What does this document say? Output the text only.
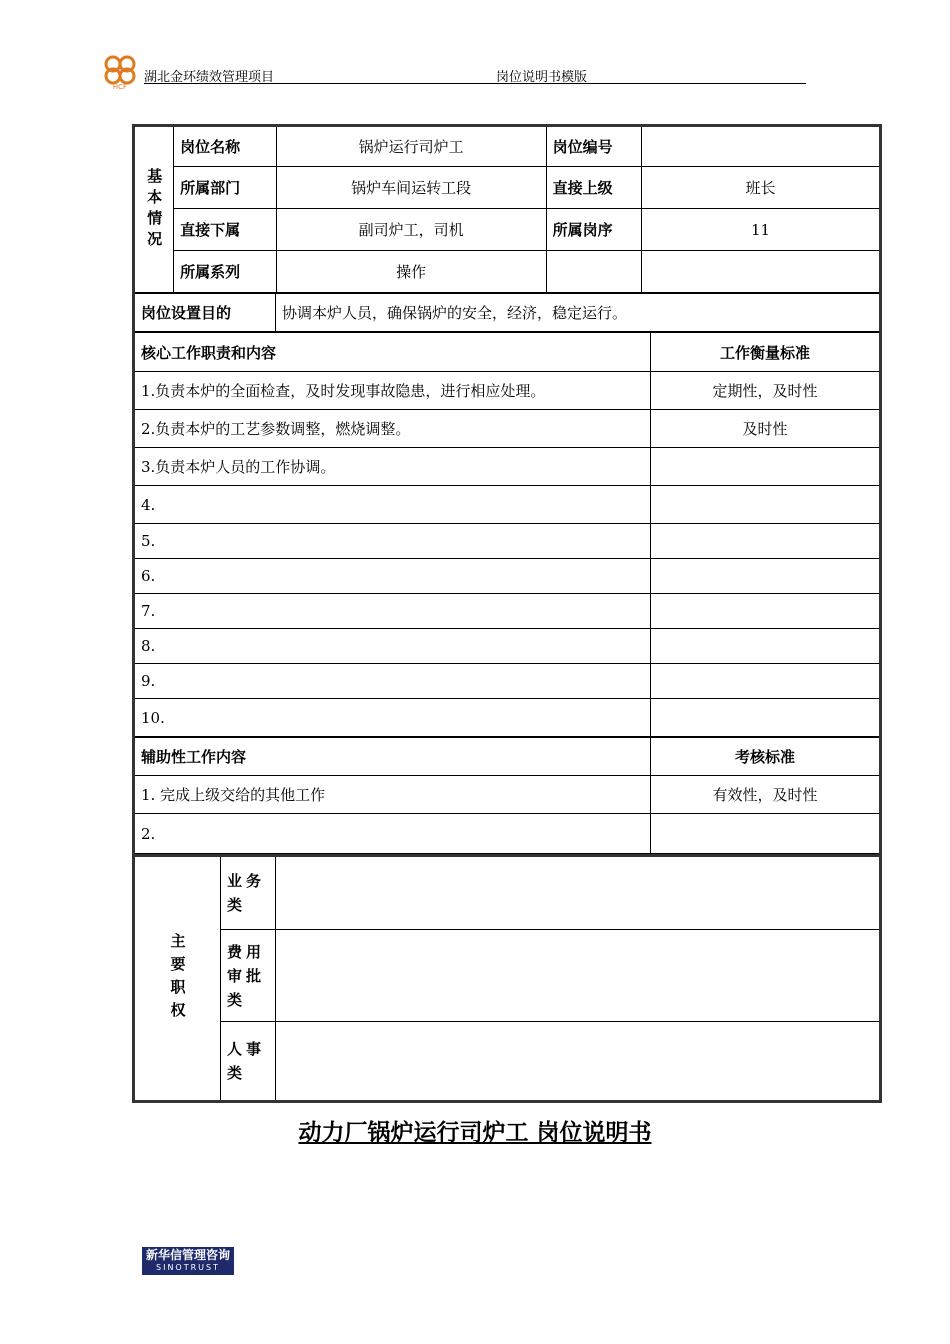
HCF
湖北金环绩效管理项目	岗位说明书模版
基本情况	岗位名称	锅炉运行司炉工	岗位编号	
	所属部门	锅炉车间运转工段	直接上级	班长
	直接下属	副司炉工，司机	所属岗序	11
	所属系列	操作		
岗位设置目的	协调本炉人员，确保锅炉的安全，经济，稳定运行。
核心工作职责和内容	工作衡量标准
1.负责本炉的全面检查，及时发现事故隐患，进行相应处理。	定期性，及时性
2.负责本炉的工艺参数调整，燃烧调整。	及时性
3.负责本炉人员的工作协调。	
4.	
5.	
6.	
7.	
8.	
9.	
10.	
辅助性工作内容	考核标准
1. 完成上级交给的其他工作	有效性，及时性
2.	
主要职权	业务类	
	费用审批类	
	人事类	
动力厂锅炉运行司炉工 岗位说明书
新华信管理咨询
SINOTRUST
